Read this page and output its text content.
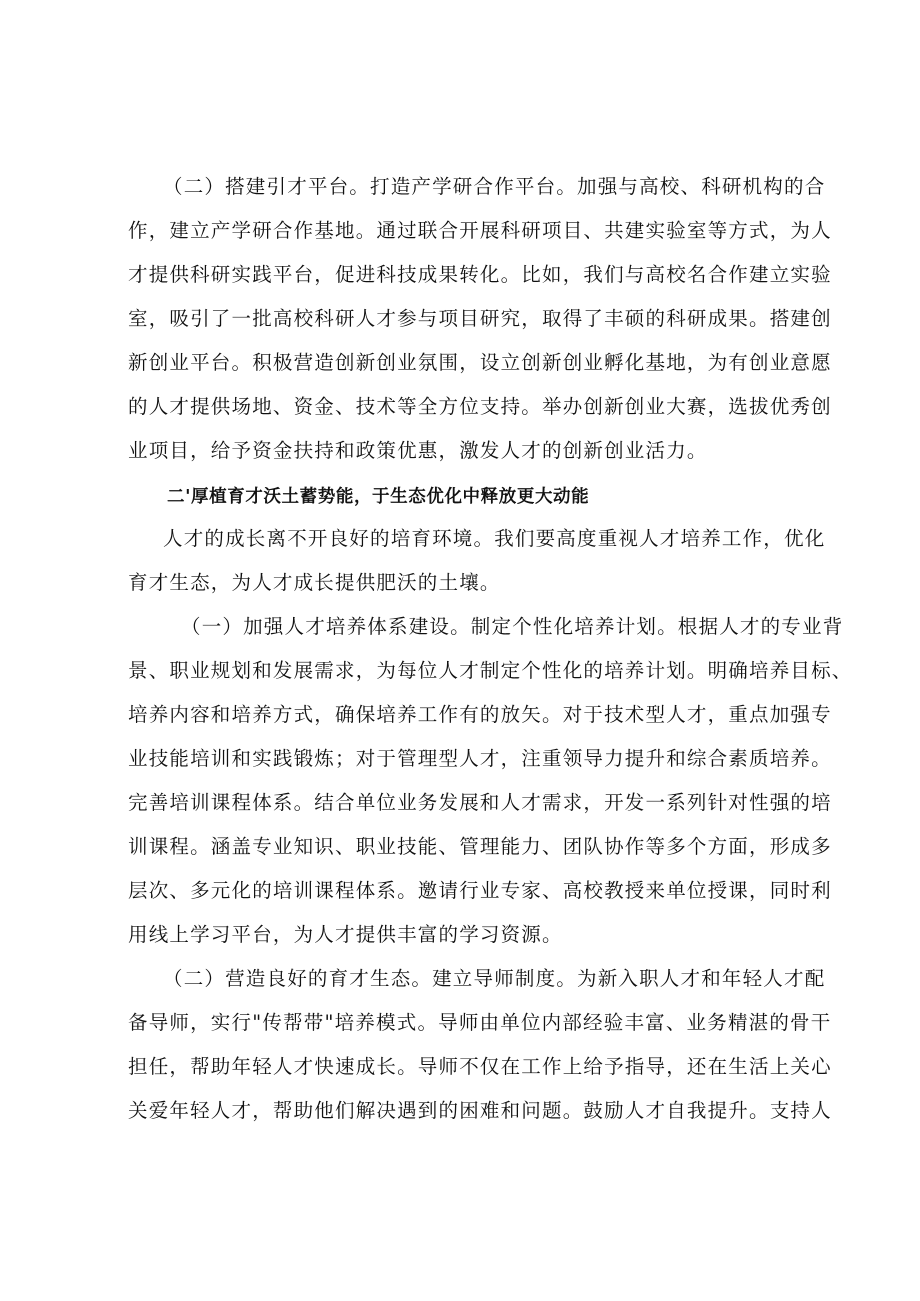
（二）搭建引才平台。打造产学研合作平台。加强与高校、科研机构的合
作，建立产学研合作基地。通过联合开展科研项目、共建实验室等方式，为人
才提供科研实践平台，促进科技成果转化。比如，我们与高校名合作建立实验
室，吸引了一批高校科研人才参与项目研究，取得了丰硕的科研成果。搭建创
新创业平台。积极营造创新创业氛围，设立创新创业孵化基地，为有创业意愿
的人才提供场地、资金、技术等全方位支持。举办创新创业大赛，选拔优秀创
业项目，给予资金扶持和政策优惠，激发人才的创新创业活力。
二'厚植育才沃土蓄势能，于生态优化中释放更大动能
人才的成长离不开良好的培育环境。我们要高度重视人才培养工作，优化
育才生态，为人才成长提供肥沃的土壤。
（一）加强人才培养体系建设。制定个性化培养计划。根据人才的专业背
景、职业规划和发展需求，为每位人才制定个性化的培养计划。明确培养目标、
培养内容和培养方式，确保培养工作有的放矢。对于技术型人才，重点加强专
业技能培训和实践锻炼；对于管理型人才，注重领导力提升和综合素质培养。
完善培训课程体系。结合单位业务发展和人才需求，开发一系列针对性强的培
训课程。涵盖专业知识、职业技能、管理能力、团队协作等多个方面，形成多
层次、多元化的培训课程体系。邀请行业专家、高校教授来单位授课，同时利
用线上学习平台，为人才提供丰富的学习资源。
（二）营造良好的育才生态。建立导师制度。为新入职人才和年轻人才配
备导师，实行"传帮带"培养模式。导师由单位内部经验丰富、业务精湛的骨干
担任，帮助年轻人才快速成长。导师不仅在工作上给予指导，还在生活上关心
关爱年轻人才，帮助他们解决遇到的困难和问题。鼓励人才自我提升。支持人
